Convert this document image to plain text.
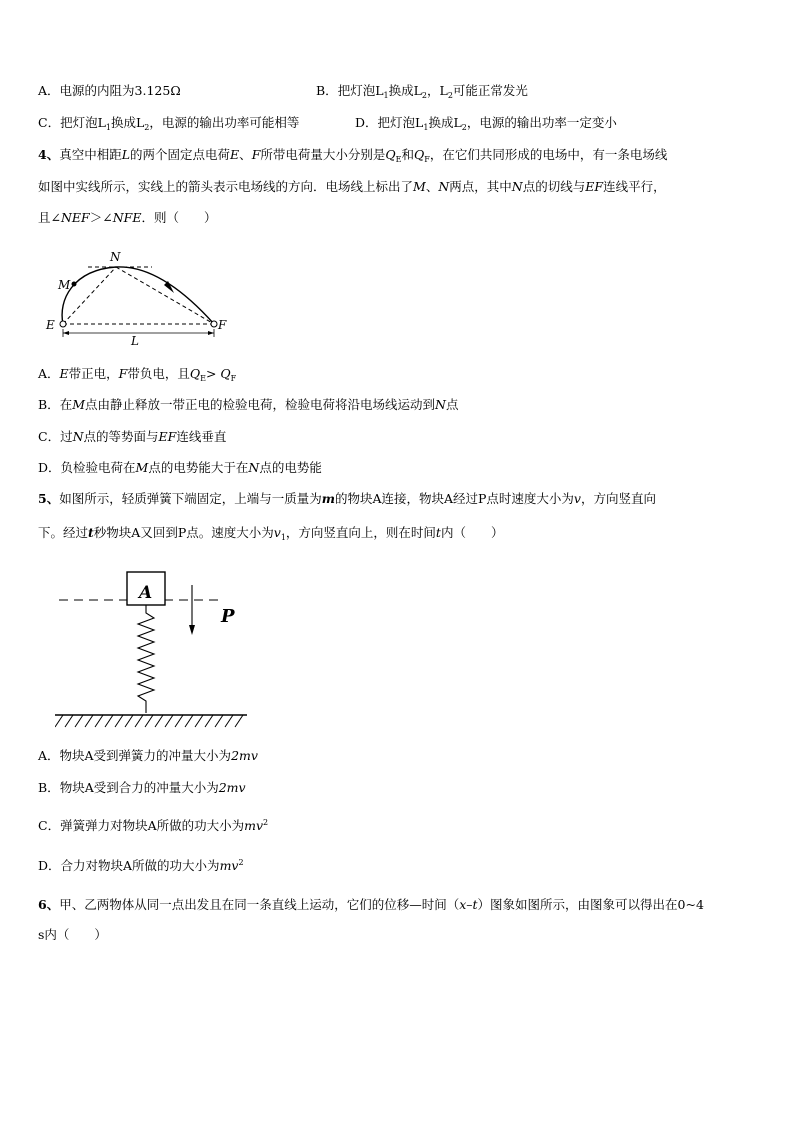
A．电源的内阻为3.125Ω	B．把灯泡$L_1$换成$L_2$，$L_2$可能正常发光
C．把灯泡$L_1$换成$L_2$，电源的输出功率可能相等	D．把灯泡$L_1$换成$L_2$，电源的输出功率一定变小
4、真空中相距L的两个固定点电荷E、F所带电荷量大小分别是$Q_E$和$Q_F$，在它们共同形成的电场中，有一条电场线
如图中实线所示，实线上的箭头表示电场线的方向．电场线上标出了M、N两点，其中N点的切线与EF连线平行，
且∠NEF＞∠NFE．则（　　）
N
M
E	F
L
A．E带正电，F带负电，且$Q_E> Q_F$
B．在M点由静止释放一带正电的检验电荷，检验电荷将沿电场线运动到N点
C．过N点的等势面与EF连线垂直
D．负检验电荷在M点的电势能大于在N点的电势能
5、如图所示，轻质弹簧下端固定，上端与一质量为m的物块A连接，物块A经过P点时速度大小为v，方向竖直向
下。经过t秒物块A又回到P点。速度大小为$v_1$，方向竖直向上，则在时间t内（　　）
A
P
A．物块A受到弹簧力的冲量大小为2mv
B．物块A受到合力的冲量大小为2mv
C．弹簧弹力对物块A所做的功大小为$mv^2$
D．合力对物块A所做的功大小为$mv^2$
6、甲、乙两物体从同一点出发且在同一条直线上运动，它们的位移—时间（x–t）图象如图所示，由图象可以得出在0~4
s内（　　）
